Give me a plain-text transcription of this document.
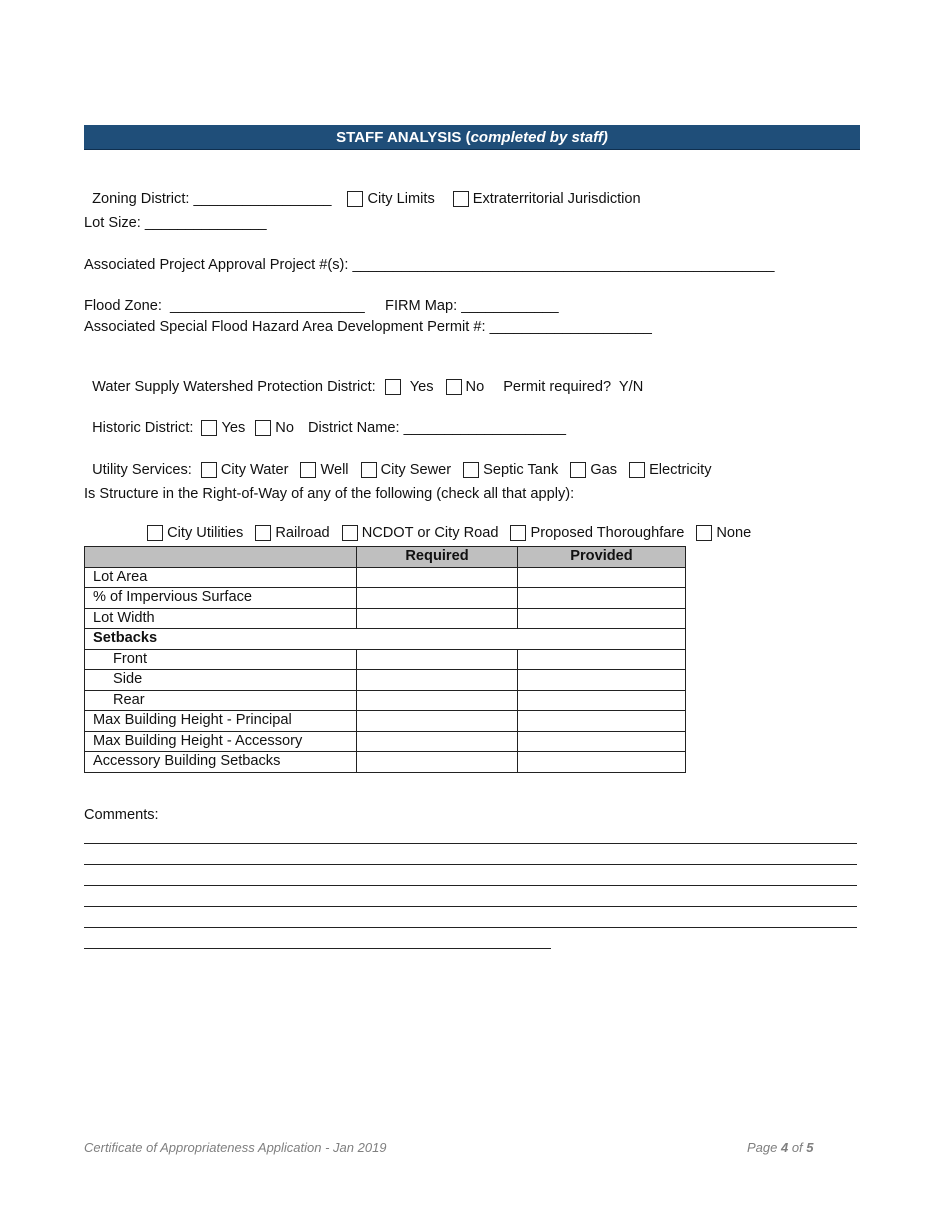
STAFF ANALYSIS (completed by staff)

Zoning District: _________________ City Limits	Extraterritorial Jurisdiction

Lot Size: _______________
Associated Project Approval Project #(s): ____________________________________________________
Flood Zone:  ________________________     FIRM Map: ____________
Associated Special Flood Hazard Area Development Permit #: ____________________

Water Supply Watershed Protection District: Yes No Permit required?  Y/N

Historic District: Yes No District Name: ____________________

Utility Services: City Water Well City Sewer Septic Tank Gas Electricity

Is Structure in the Right-of-Way of any of the following (check all that apply):

City Utilities Railroad NCDOT or City Road Proposed Thoroughfare None

	Required	Provided
Lot Area		
% of Impervious Surface		
Lot Width		
Setbacks		
Front		
Side		
Rear		
Max Building Height - Principal		
Max Building Height - Accessory		
Accessory Building Setbacks		
Comments:
Certificate of Appropriateness Application - Jan 2019	Page 4 of 5
